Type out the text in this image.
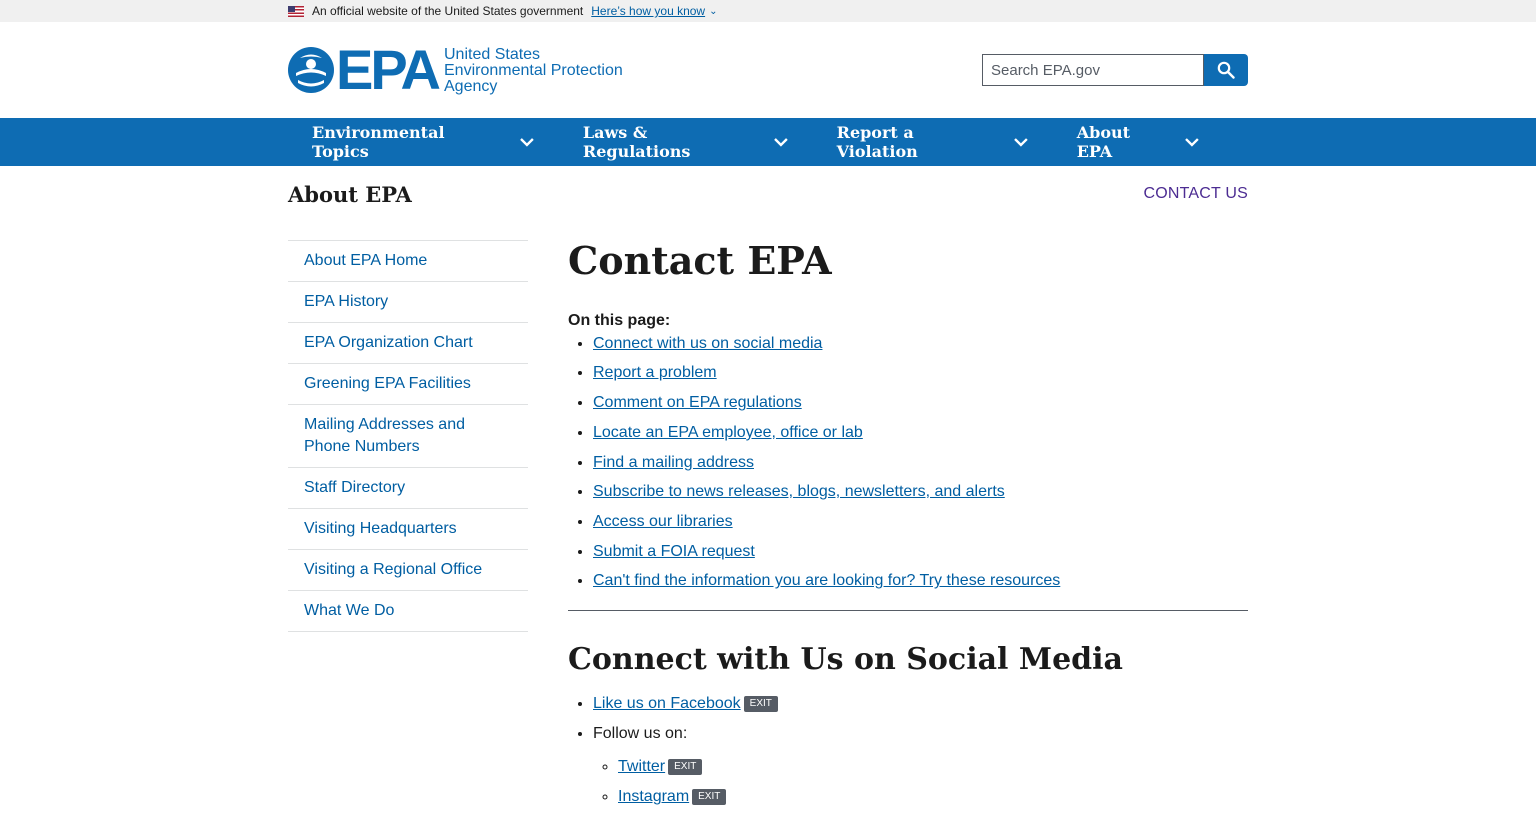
An official website of the United States government Here’s how you know ⌄
EPA United States
Environmental Protection
Agency
Search EPA.gov
Environmental Topics
Laws & Regulations
Report a Violation
About EPA
About EPA	CONTACT US
About EPA Home
EPA History
EPA Organization Chart
Greening EPA Facilities
Mailing Addresses and Phone Numbers
Staff Directory
Visiting Headquarters
Visiting a Regional Office
What We Do
Contact EPA
On this page:
• Connect with us on social media
• Report a problem
• Comment on EPA regulations
• Locate an EPA employee, office or lab
• Find a mailing address
• Subscribe to news releases, blogs, newsletters, and alerts
• Access our libraries
• Submit a FOIA request
• Can't find the information you are looking for? Try these resources
Connect with Us on Social Media
• Like us on Facebook EXIT
• Follow us on:
◦ Twitter EXIT
◦ Instagram EXIT
